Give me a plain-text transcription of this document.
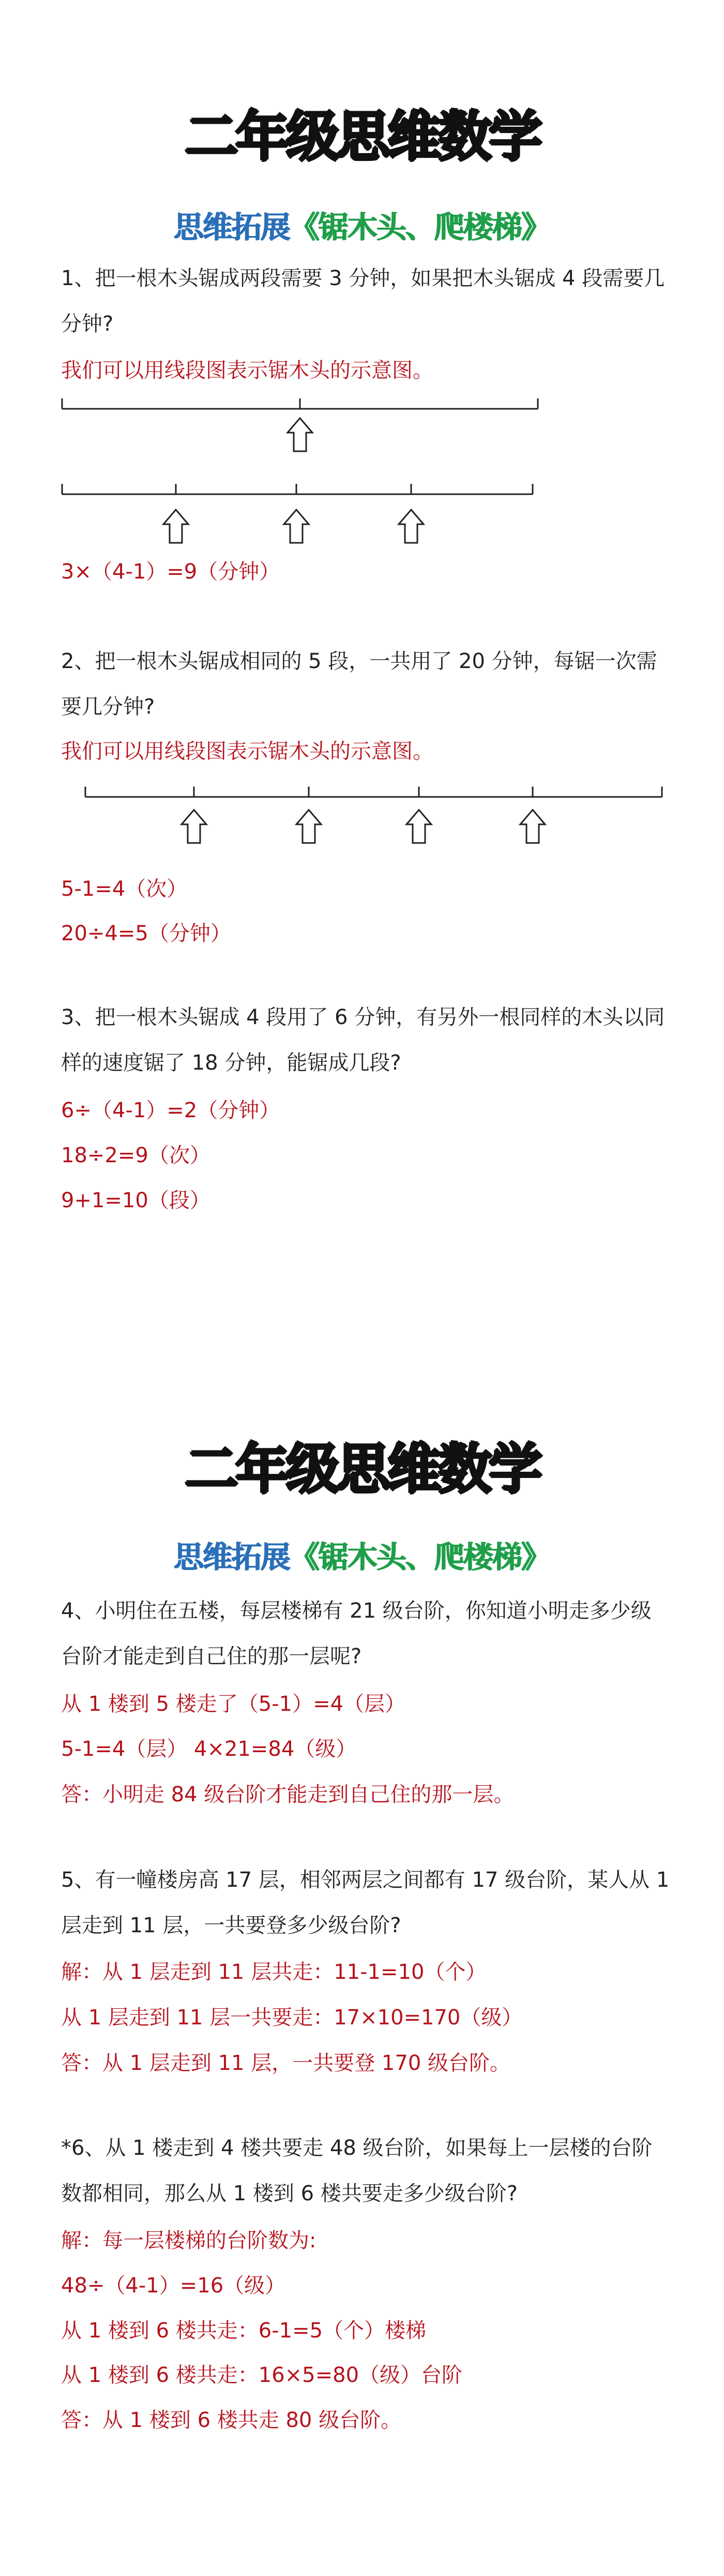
二年级思维数学
思维拓展《锯木头、爬楼梯》
1、把一根木头锯成两段需要 3 分钟，如果把木头锯成 4 段需要几分钟?
我们可以用线段图表示锯木头的示意图。
3×（4-1）=9（分钟）
2、把一根木头锯成相同的 5 段，一共用了 20 分钟，每锯一次需要几分钟?
我们可以用线段图表示锯木头的示意图。
5-1=4（次）
20÷4=5（分钟）
3、把一根木头锯成 4 段用了 6 分钟，有另外一根同样的木头以同样的速度锯了 18 分钟，能锯成几段?
6÷（4-1）=2（分钟）
18÷2=9（次）
9+1=10（段）
二年级思维数学
思维拓展《锯木头、爬楼梯》
4、小明住在五楼，每层楼梯有 21 级台阶，你知道小明走多少级台阶才能走到自己住的那一层呢?
从 1 楼到 5 楼走了（5-1）=4（层）
5-1=4（层） 4×21=84（级）
答：小明走 84 级台阶才能走到自己住的那一层。
5、有一幢楼房高 17 层，相邻两层之间都有 17 级台阶，某人从 1 层走到 11 层，一共要登多少级台阶?
解：从 1 层走到 11 层共走：11-1=10（个）
从 1 层走到 11 层一共要走：17×10=170（级）
答：从 1 层走到 11 层，一共要登 170 级台阶。
*6、从 1 楼走到 4 楼共要走 48 级台阶，如果每上一层楼的台阶数都相同，那么从 1 楼到 6 楼共要走多少级台阶?
解：每一层楼梯的台阶数为:
48÷（4-1）=16（级）
从 1 楼到 6 楼共走：6-1=5（个）楼梯
从 1 楼到 6 楼共走：16×5=80（级）台阶
答：从 1 楼到 6 楼共走 80 级台阶。
